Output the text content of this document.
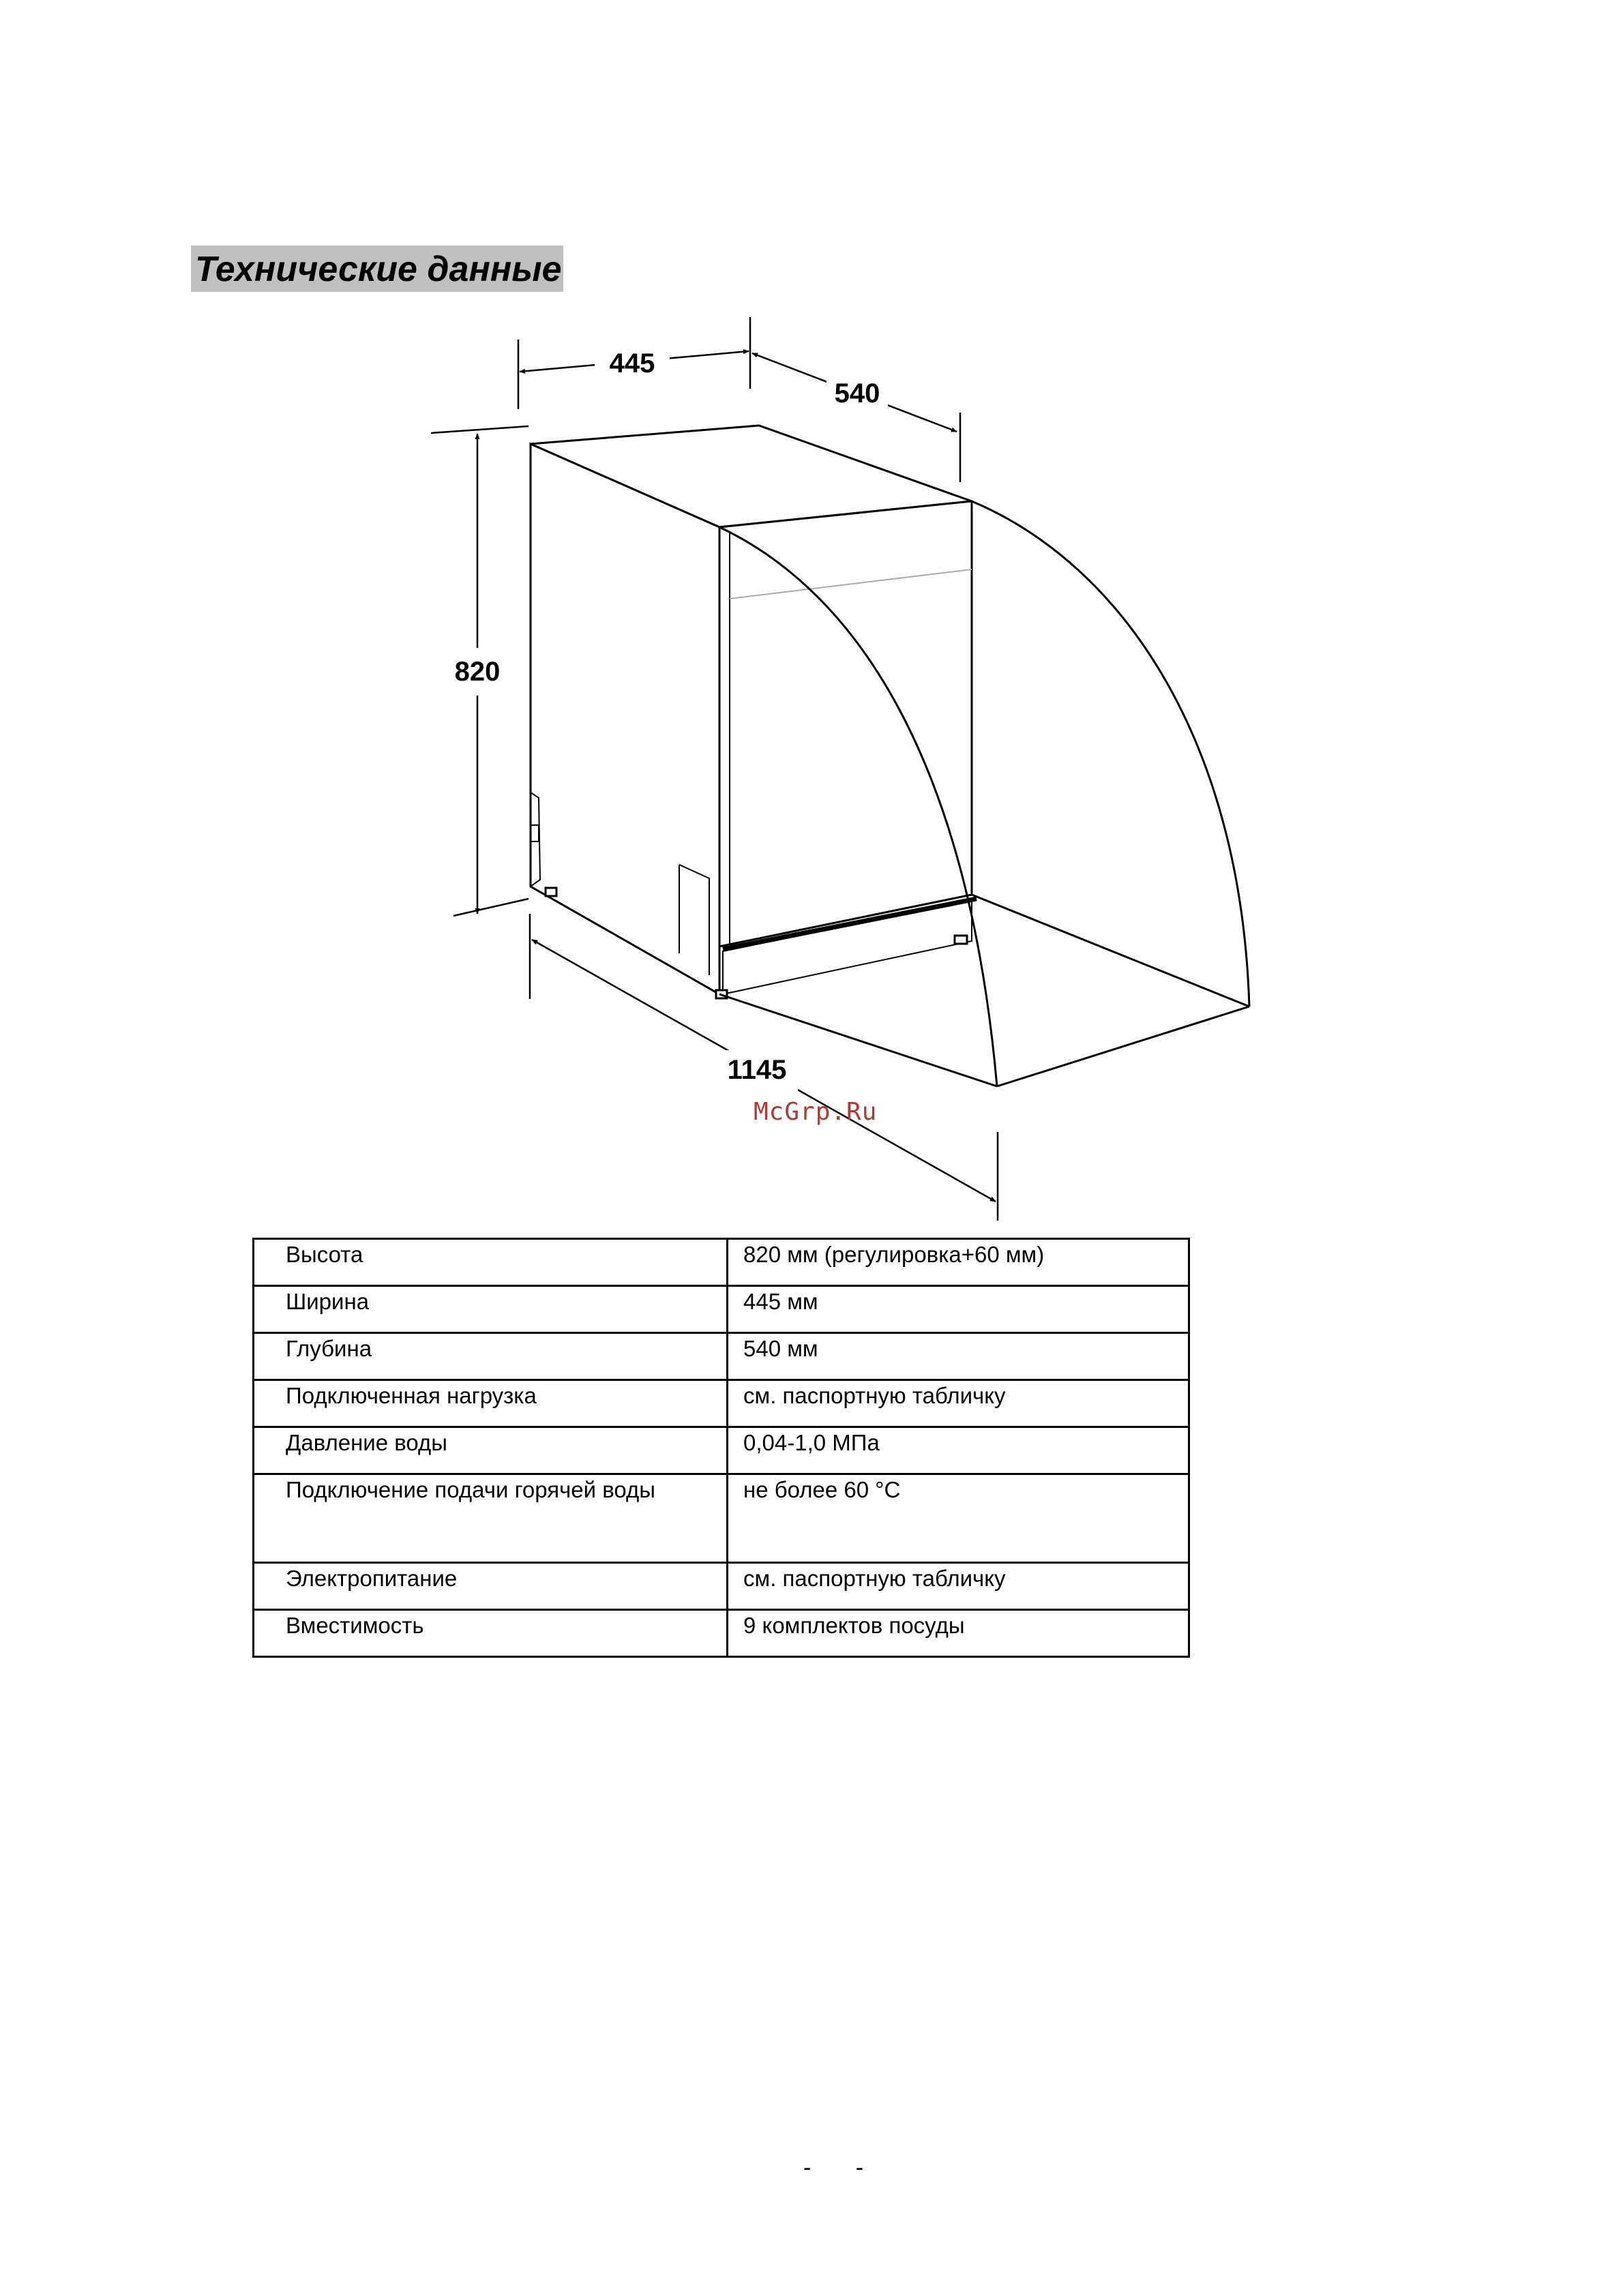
Технические данные
445
540
820
1145
McGrp.Ru
Высота	820 мм (регулировка+60 мм)
Ширина	445 мм
Глубина	540 мм
Подключенная нагрузка	см. паспортную табличку
Давление воды	0,04-1,0 МПа
Подключение подачи горячей воды	не более 60 °C
Электропитание	см. паспортную табличку
Вместимость	9 комплектов посуды
- -
